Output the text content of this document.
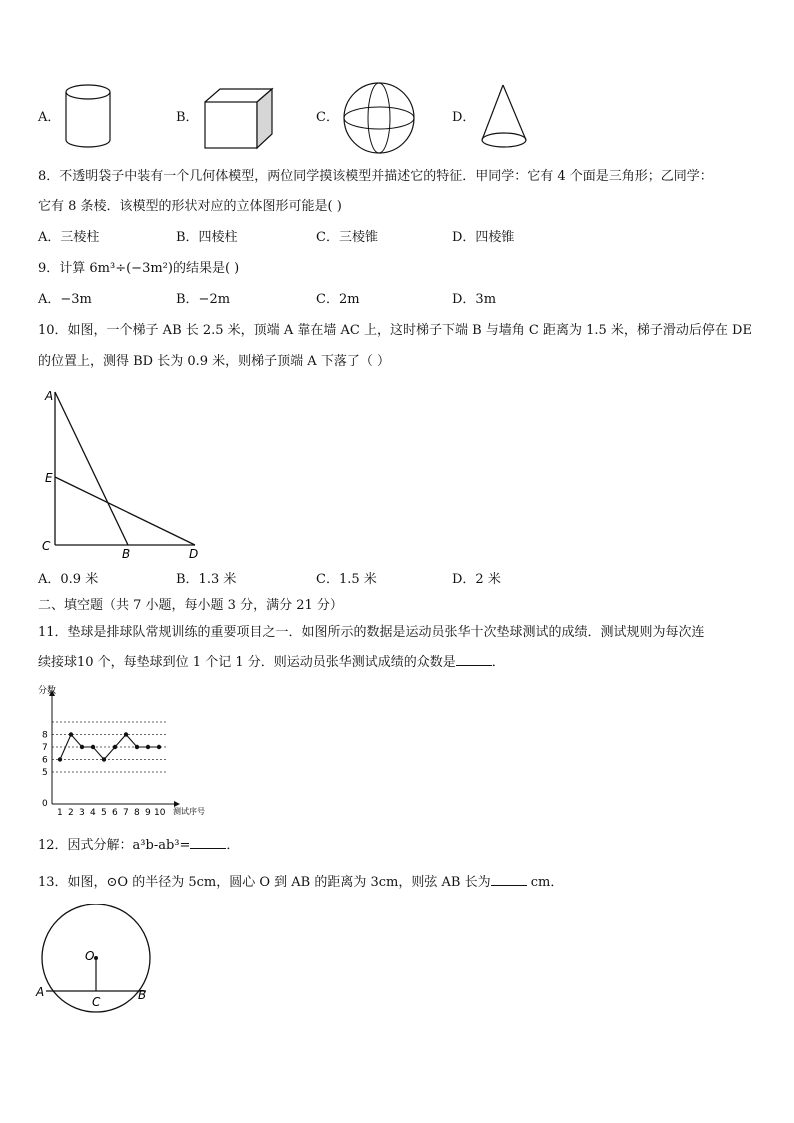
A．	B．	C．	D．
8．不透明袋子中装有一个几何体模型，两位同学摸该模型并描述它的特征．甲同学：它有 4 个面是三角形；乙同学：
它有 8 条棱．该模型的形状对应的立体图形可能是( )
A．三棱柱	B．四棱柱	C．三棱锥	D．四棱锥
9．计算 6m³÷(−3m²)的结果是( )
A．−3m	B．−2m	C．2m	D．3m
10．如图，一个梯子 AB 长 2.5 米，顶端 A 靠在墙 AC 上，这时梯子下端 B 与墙角 C 距离为 1.5 米，梯子滑动后停在 DE
的位置上，测得 BD 长为 0.9 米，则梯子顶端 A 下落了（ ）
A
E
C
B	D
A．0.9 米	B．1.3 米	C．1.5 米	D．2 米
二、填空题（共 7 小题，每小题 3 分，满分 21 分）
11．垫球是排球队常规训练的重要项目之一．如图所示的数据是运动员张华十次垫球测试的成绩．测试规则为每次连
续接球10 个，每垫球到位 1 个记 1 分．则运动员张华测试成绩的众数是	．
分数
测试序号
0
5
6
7
8
1 2 3 4 5 6 7 8 9 10
12．因式分解：a³b-ab³=	．
13．如图，⊙O 的半径为 5cm，圆心 O 到 AB 的距离为 3cm，则弦 AB 长为	cm．
O
A	B
C
